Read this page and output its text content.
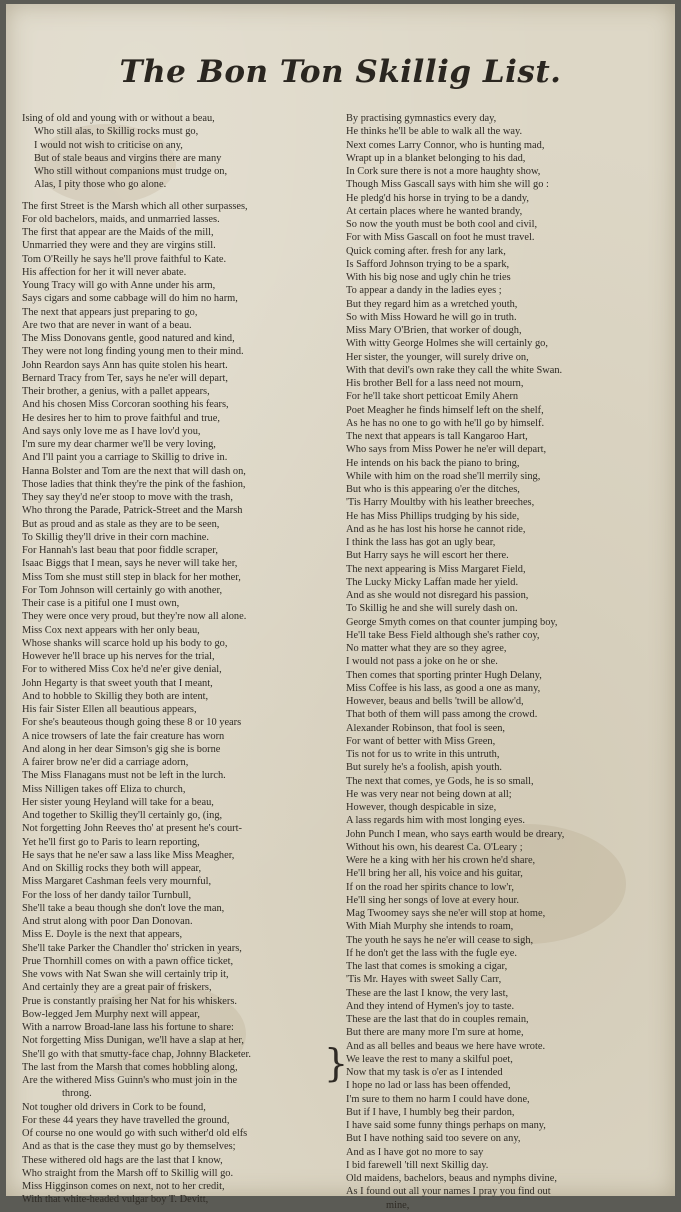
The Bon Ton Skillig List.
Ising of old and young with or without a beau,
Who still alas, to Skillig rocks must go,
I would not wish to criticise on any,
But of stale beaus and virgins there are many
Who still without companions must trudge on,
Alas, I pity those who go alone.
The first Street is the Marsh which all other surpasses,
For old bachelors, maids, and unmarried lasses.
The first that appear are the Maids of the mill,
Unmarried they were and they are virgins still.
Tom O'Reilly he says he'll prove faithful to Kate.
His affection for her it will never abate.
Young Tracy will go with Anne under his arm,
Says cigars and some cabbage will do him no harm,
The next that appears just preparing to go,
Are two that are never in want of a beau.
The Miss Donovans gentle, good natured and kind,
They were not long finding young men to their mind.
John Reardon says Ann has quite stolen his heart.
Bernard Tracy from Ter, says he ne'er will depart,
Their brother, a genius, with a pallet appears,
And his chosen Miss Corcoran soothing his fears,
He desires her to him to prove faithful and true,
And says only love me as I have lov'd you,
I'm sure my dear charmer we'll be very loving,
And I'll paint you a carriage to Skillig to drive in.
Hanna Bolster and Tom are the next that will dash on,
Those ladies that think they're the pink of the fashion,
They say they'd ne'er stoop to move with the trash,
Who throng the Parade, Patrick-Street and the Marsh
But as proud and as stale as they are to be seen,
To Skillig they'll drive in their corn machine.
For Hannah's last beau that poor fiddle scraper,
Isaac Biggs that I mean, says he never will take her,
Miss Tom she must still step in black for her mother,
For Tom Johnson will certainly go with another,
Their case is a pitiful one I must own,
They were once very proud, but they're now all alone.
Miss Cox next appears with her only beau,
Whose shanks will scarce hold up his body to go,
However he'll brace up his nerves for the trial,
For to withered Miss Cox he'd ne'er give denial,
John Hegarty is that sweet youth that I meant,
And to hobble to Skillig they both are intent,
His fair Sister Ellen all beautious appears,
For she's beauteous though going these 8 or 10 years
A nice trowsers of late the fair creature has worn
And along in her dear Simson's gig she is borne
A fairer brow ne'er did a carriage adorn,
The Miss Flanagans must not be left in the lurch.
Miss Nilligen takes off Eliza to church,
Her sister young Heyland will take for a beau,
And together to Skillig they'll certainly go, (ing,
Not forgetting John Reeves tho' at present he's court-
Yet he'll first go to Paris to learn reporting,
He says that he ne'er saw a lass like Miss Meagher,
And on Skillig rocks they both will appear,
Miss Margaret Cashman feels very mournful,
For the loss of her dandy tailor Turnbull,
She'll take a beau though she don't love the man,
And strut along with poor Dan Donovan.
Miss E. Doyle is the next that appears,
She'll take Parker the Chandler tho' stricken in years,
Prue Thornhill comes on with a pawn office ticket,
She vows with Nat Swan she will certainly trip it,
And certainly they are a great pair of friskers,
Prue is constantly praising her Nat for his whiskers.
Bow-legged Jem Murphy next will appear,
With a narrow Broad-lane lass his fortune to share:
Not forgetting Miss Dunigan, we'll have a slap at her,
She'll go with that smutty-face chap, Johnny Blacketer.
The last from the Marsh that comes hobbling along,
Are the withered Miss Guinn's who must join in the
throng.
Not tougher old drivers in Cork to be found,
For these 44 years they have travelled the ground,
Of course no one would go with such wither'd old elfs
And as that is the case they must go by themselves;
These withered old hags are the last that I know,
Who straight from the Marsh off to Skillig will go.
Miss Higginson comes on next, not to her credit,
With that white-headed vulgar boy T. Devitt,
By practising gymnastics every day,
He thinks he'll be able to walk all the way.
Next comes Larry Connor, who is hunting mad,
Wrapt up in a blanket belonging to his dad,
In Cork sure there is not a more haughty show,
Though Miss Gascall says with him she will go :
He pledg'd his horse in trying to be a dandy,
At certain places where he wanted brandy,
So now the youth must be both cool and civil,
For with Miss Gascall on foot he must travel.
Quick coming after. fresh for any lark,
Is Safford Johnson trying to be a spark,
With his big nose and ugly chin he tries
To appear a dandy in the ladies eyes ;
But they regard him as a wretched youth,
So with Miss Howard he will go in truth.
Miss Mary O'Brien, that worker of dough,
With witty George Holmes she will certainly go,
Her sister, the younger, will surely drive on,
With that devil's own rake they call the white Swan.
His brother Bell for a lass need not mourn,
For he'll take short petticoat Emily Ahern
Poet Meagher he finds himself left on the shelf,
As he has no one to go with he'll go by himself.
The next that appears is tall Kangaroo Hart,
Who says from Miss Power he ne'er will depart,
He intends on his back the piano to bring,
While with him on the road she'll merrily sing,
But who is this appearing o'er the ditches,
'Tis Harry Moultby with his leather breeches,
He has Miss Phillips trudging by his side,
And as he has lost his horse he cannot ride,
I think the lass has got an ugly bear,
But Harry says he will escort her there.
The next appearing is Miss Margaret Field,
The Lucky Micky Laffan made her yield.
And as she would not disregard his passion,
To Skillig he and she will surely dash on.
George Smyth comes on that counter jumping boy,
He'll take Bess Field although she's rather coy,
No matter what they are so they agree,
I would not pass a joke on he or she.
Then comes that sporting printer Hugh Delany,
Miss Coffee is his lass, as good a one as many,
However, beaus and bells 'twill be allow'd,
That both of them will pass among the crowd.
Alexander Robinson, that fool is seen,
For want of better with Miss Green,
Tis not for us to write in this untruth,
But surely he's a foolish, apish youth.
The next that comes, ye Gods, he is so small,
He was very near not being down at all;
However, though despicable in size,
A lass regards him with most longing eyes.
John Punch I mean, who says earth would be dreary,
Without his own, his dearest Ca. O'Leary ;
Were he a king with her his crown he'd share,
He'll bring her all, his voice and his guitar,
If on the road her spirits chance to low'r,
He'll sing her songs of love at every hour.
Mag Twoomey says she ne'er will stop at home,
With Miah Murphy she intends to roam,
The youth he says he ne'er will cease to sigh,
If he don't get the lass with the fugle eye.
The last that comes is smoking a cigar,
'Tis Mr. Hayes with sweet Sally Carr,
These are the last I know, the very last,
And they intend of Hymen's joy to taste.
These are the last that do in couples remain,
But there are many more I'm sure at home,
And as all belles and beaus we here have wrote.
We leave the rest to many a skilful poet,
Now that my task is o'er as I intended
I hope no lad or lass has been offended,
I'm sure to them no harm I could have done,
But if I have, I humbly beg their pardon,
I have said some funny things perhaps on many,
But I have nothing said too severe on any,
And as I have got no more to say
I bid farewell 'till next Skillig day.
Old maidens, bachelors, beaus and nymphs divine,
As I found out all your names I pray you find out
mine,
}
